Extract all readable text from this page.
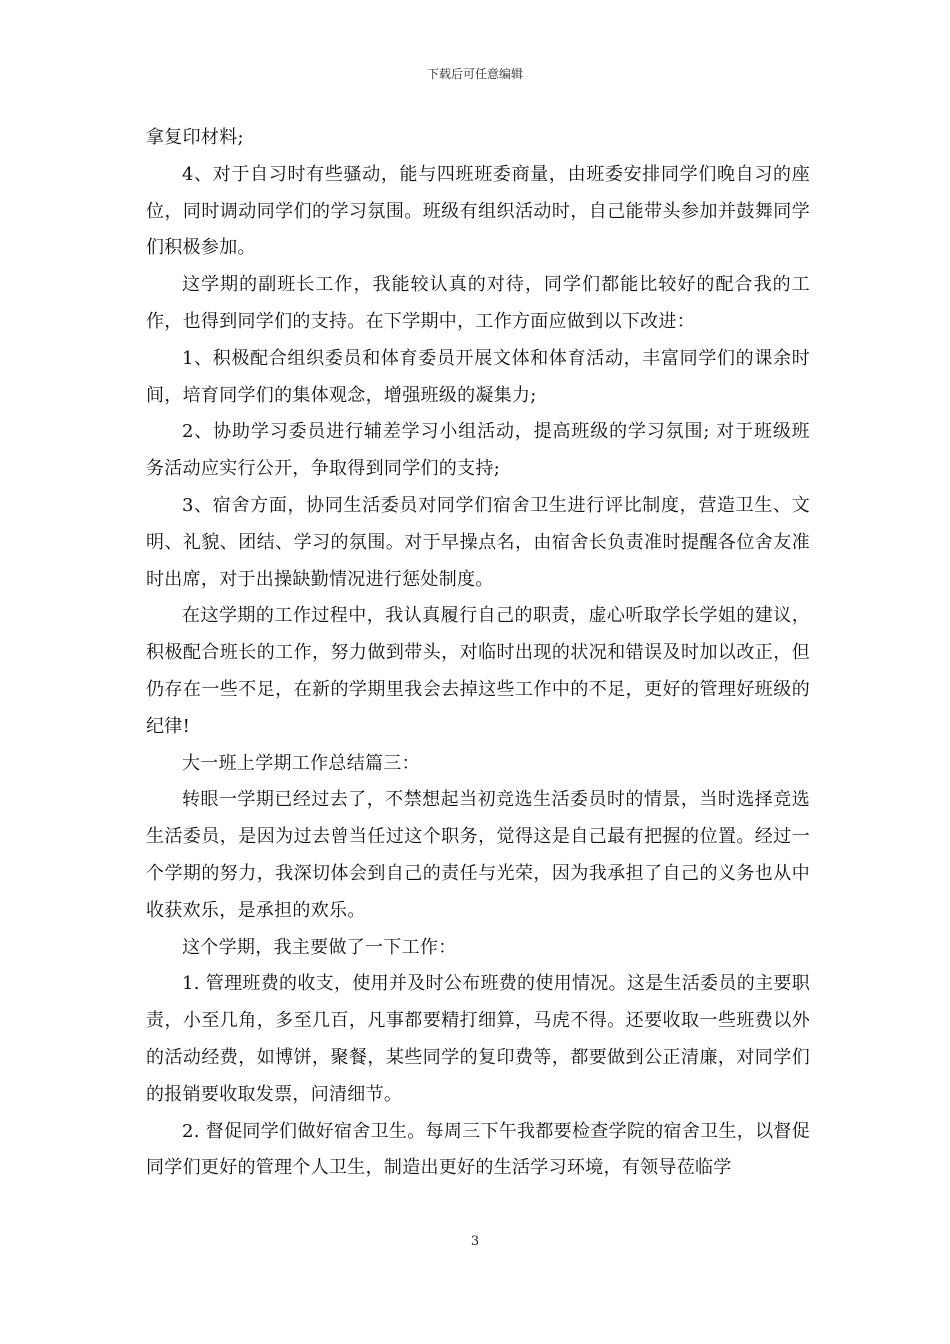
下载后可任意编辑

拿复印材料;

4、对于自习时有些骚动，能与四班班委商量，由班委安排同学们晚自习的座位，同时调动同学们的学习氛围。班级有组织活动时，自己能带头参加并鼓舞同学们积极参加。

这学期的副班长工作，我能较认真的对待，同学们都能比较好的配合我的工作，也得到同学们的支持。在下学期中，工作方面应做到以下改进：

1、积极配合组织委员和体育委员开展文体和体育活动，丰富同学们的课余时间，培育同学们的集体观念，增强班级的凝集力;

2、协助学习委员进行辅差学习小组活动，提高班级的学习氛围; 对于班级班务活动应实行公开，争取得到同学们的支持;

3、宿舍方面，协同生活委员对同学们宿舍卫生进行评比制度，营造卫生、文明、礼貌、团结、学习的氛围。对于早操点名，由宿舍长负责准时提醒各位舍友准时出席，对于出操缺勤情况进行惩处制度。

在这学期的工作过程中，我认真履行自己的职责，虚心听取学长学姐的建议，积极配合班长的工作，努力做到带头，对临时出现的状况和错误及时加以改正，但仍存在一些不足，在新的学期里我会去掉这些工作中的不足，更好的管理好班级的纪律!

大一班上学期工作总结篇三：

转眼一学期已经过去了，不禁想起当初竞选生活委员时的情景，当时选择竞选生活委员，是因为过去曾当任过这个职务，觉得这是自己最有把握的位置。经过一个学期的努力，我深切体会到自己的责任与光荣，因为我承担了自己的义务也从中收获欢乐，是承担的欢乐。

这个学期，我主要做了一下工作：

1. 管理班费的收支，使用并及时公布班费的使用情况。这是生活委员的主要职责，小至几角，多至几百，凡事都要精打细算，马虎不得。还要收取一些班费以外的活动经费，如博饼，聚餐，某些同学的复印费等，都要做到公正清廉，对同学们的报销要收取发票，问清细节。

2. 督促同学们做好宿舍卫生。每周三下午我都要检查学院的宿舍卫生，以督促同学们更好的管理个人卫生，制造出更好的生活学习环境，有领导莅临学

3
